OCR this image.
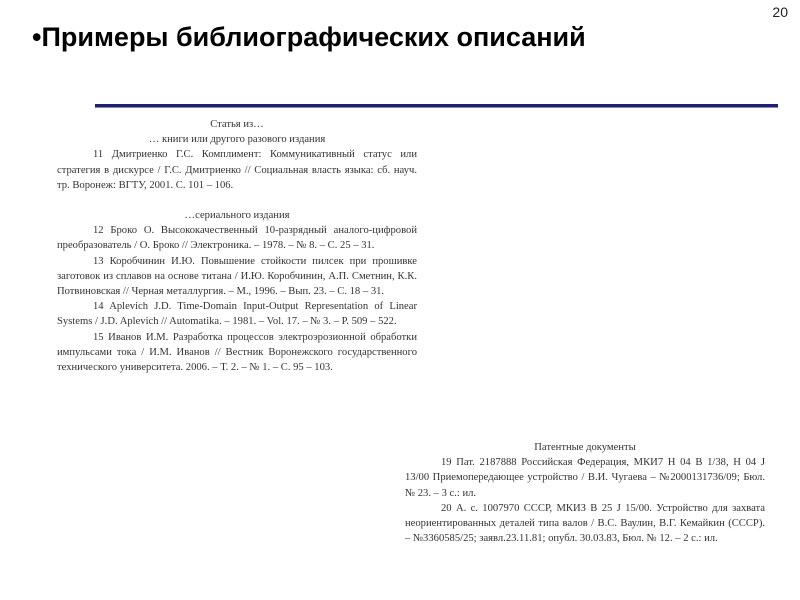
20
•Примеры библиографических описаний
Статья из…
… книги или другого разового издания

11 Дмитриенко Г.С. Комплимент: Коммуникативный статус или стратегия в дискурсе / Г.С. Дмитриенко // Социальная власть языка: сб. науч. тр. Воронеж: ВГТУ, 2001. С. 101 – 106.

…сериального издания

12 Броко О. Высококачественный 10-разрядный аналого-цифровой преобразователь / О. Броко // Электроника. – 1978. – № 8. – С. 25 – 31.

13 Коробчинин И.Ю. Повышение стойкости пилсек при прошивке заготовок из сплавов на основе титана / И.Ю. Коробчинин, А.П. Сметнин, К.К. Потвиновская // Черная металлургия. – М., 1996. – Вып. 23. – С. 18 – 31.

14 Aplevich J.D. Time-Domain Input-Output Representation of Linear Systems / J.D. Aplevich // Automatika. – 1981. – Vol. 17. – № 3. – P. 509 – 522.

15 Иванов И.М. Разработка процессов электроэрозионной обработки импульсами тока / И.М. Иванов // Вестник Воронежского государственного технического университета. 2006. – Т. 2. – № 1. – С. 95 – 103.

Патентные документы

19 Пат. 2187888 Российская Федерация, МКИ7 Н 04 В 1/38, Н 04 J 13/00 Приемопередающее устройство / В.И. Чугаева – №2000131736/09; Бюл. № 23. – 3 с.: ил.

20 А. с. 1007970 СССР, МКИЗ В 25 J 15/00. Устройство для захвата неориентированных деталей типа валов / В.С. Ваулин, В.Г. Кемайкин (СССР). – №3360585/25; заявл.23.11.81; опубл. 30.03.83, Бюл. № 12. – 2 с.: ил.
